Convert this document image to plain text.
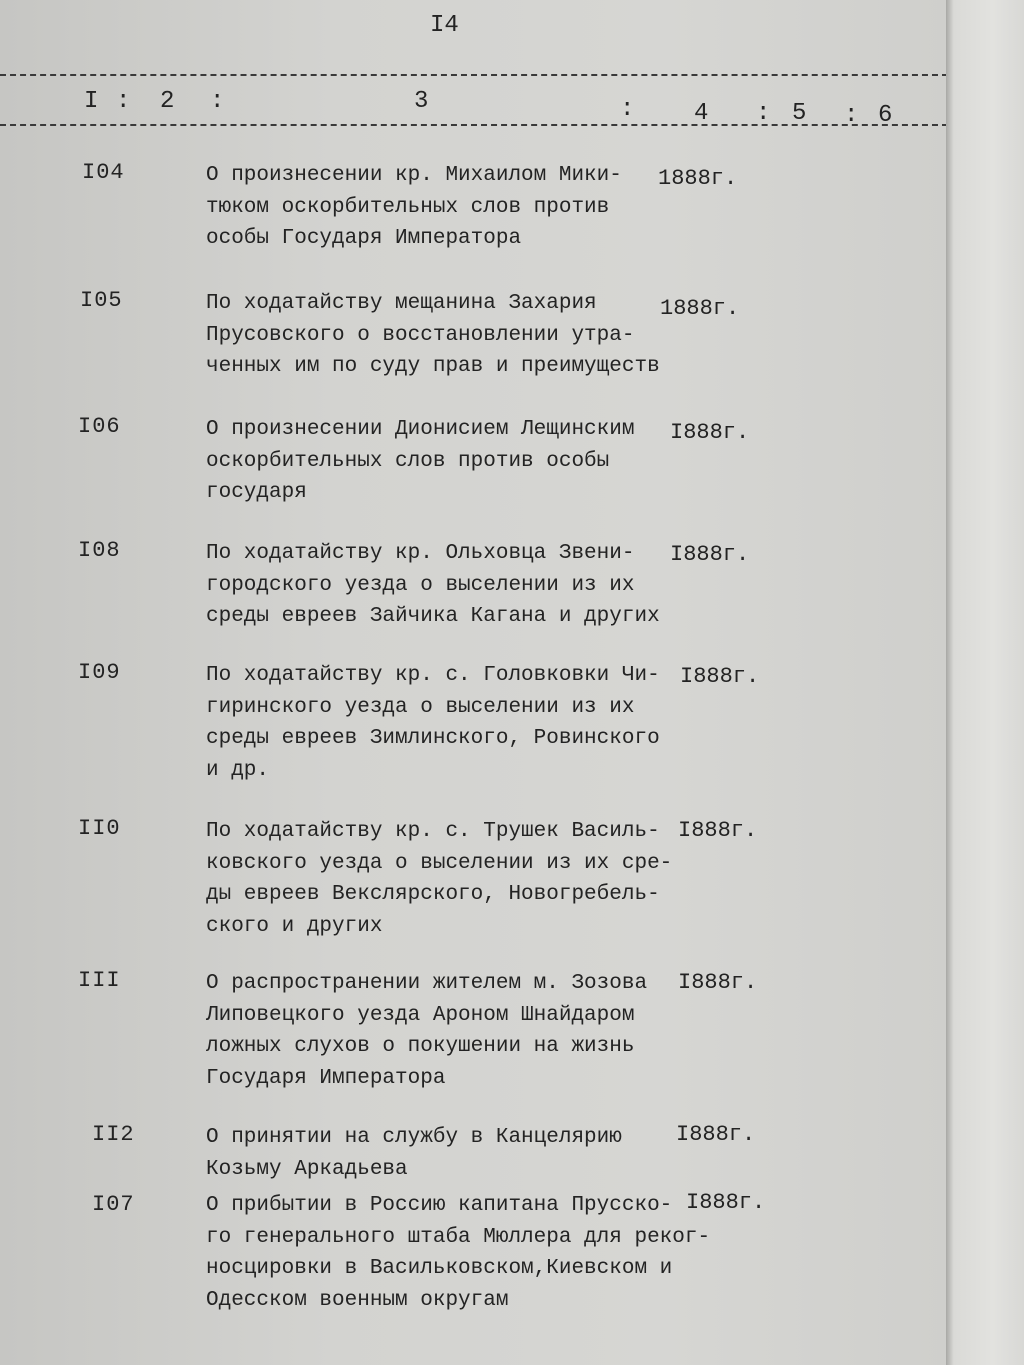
I4
I : 2 :	3	: 4 : 5 : 6
I04	О произнесении кр. Михаилом Мики-
тюком оскорбительных слов против
особы Государя Императора
1888г.
I05	По ходатайству мещанина Захария
Прусовского о восстановлении утра-
ченных им по суду прав и преимуществ
1888г.
I06	О произнесении Дионисием Лещинским
оскорбительных слов против особы
государя
I888г.
I08	По ходатайству кр. Ольховца Звени-
городского уезда о выселении из их
среды евреев Зайчика Кагана и других
I888г.
I09	По ходатайству кр. с. Головковки Чи-
гиринского уезда о выселении из их
среды евреев Зимлинского, Ровинского
и др.
I888г.
II0	По ходатайству кр. с. Трушек Василь-
ковского уезда о выселении из их сре-
ды евреев Векслярского, Новогребель-
ского и других
I888г.
III	О распространении жителем м. Зозова
Липовецкого уезда Ароном Шнайдаром
ложных слухов о покушении на жизнь
Государя Императора
I888г.
II2	О принятии на службу в Канцелярию
Козьму Аркадьева
I888г.
I07	О прибытии в Россию капитана Прусско-
го генерального штаба Мюллера для реког-
носцировки в Васильковском,Киевском и
Одесском военным округам
I888г.
